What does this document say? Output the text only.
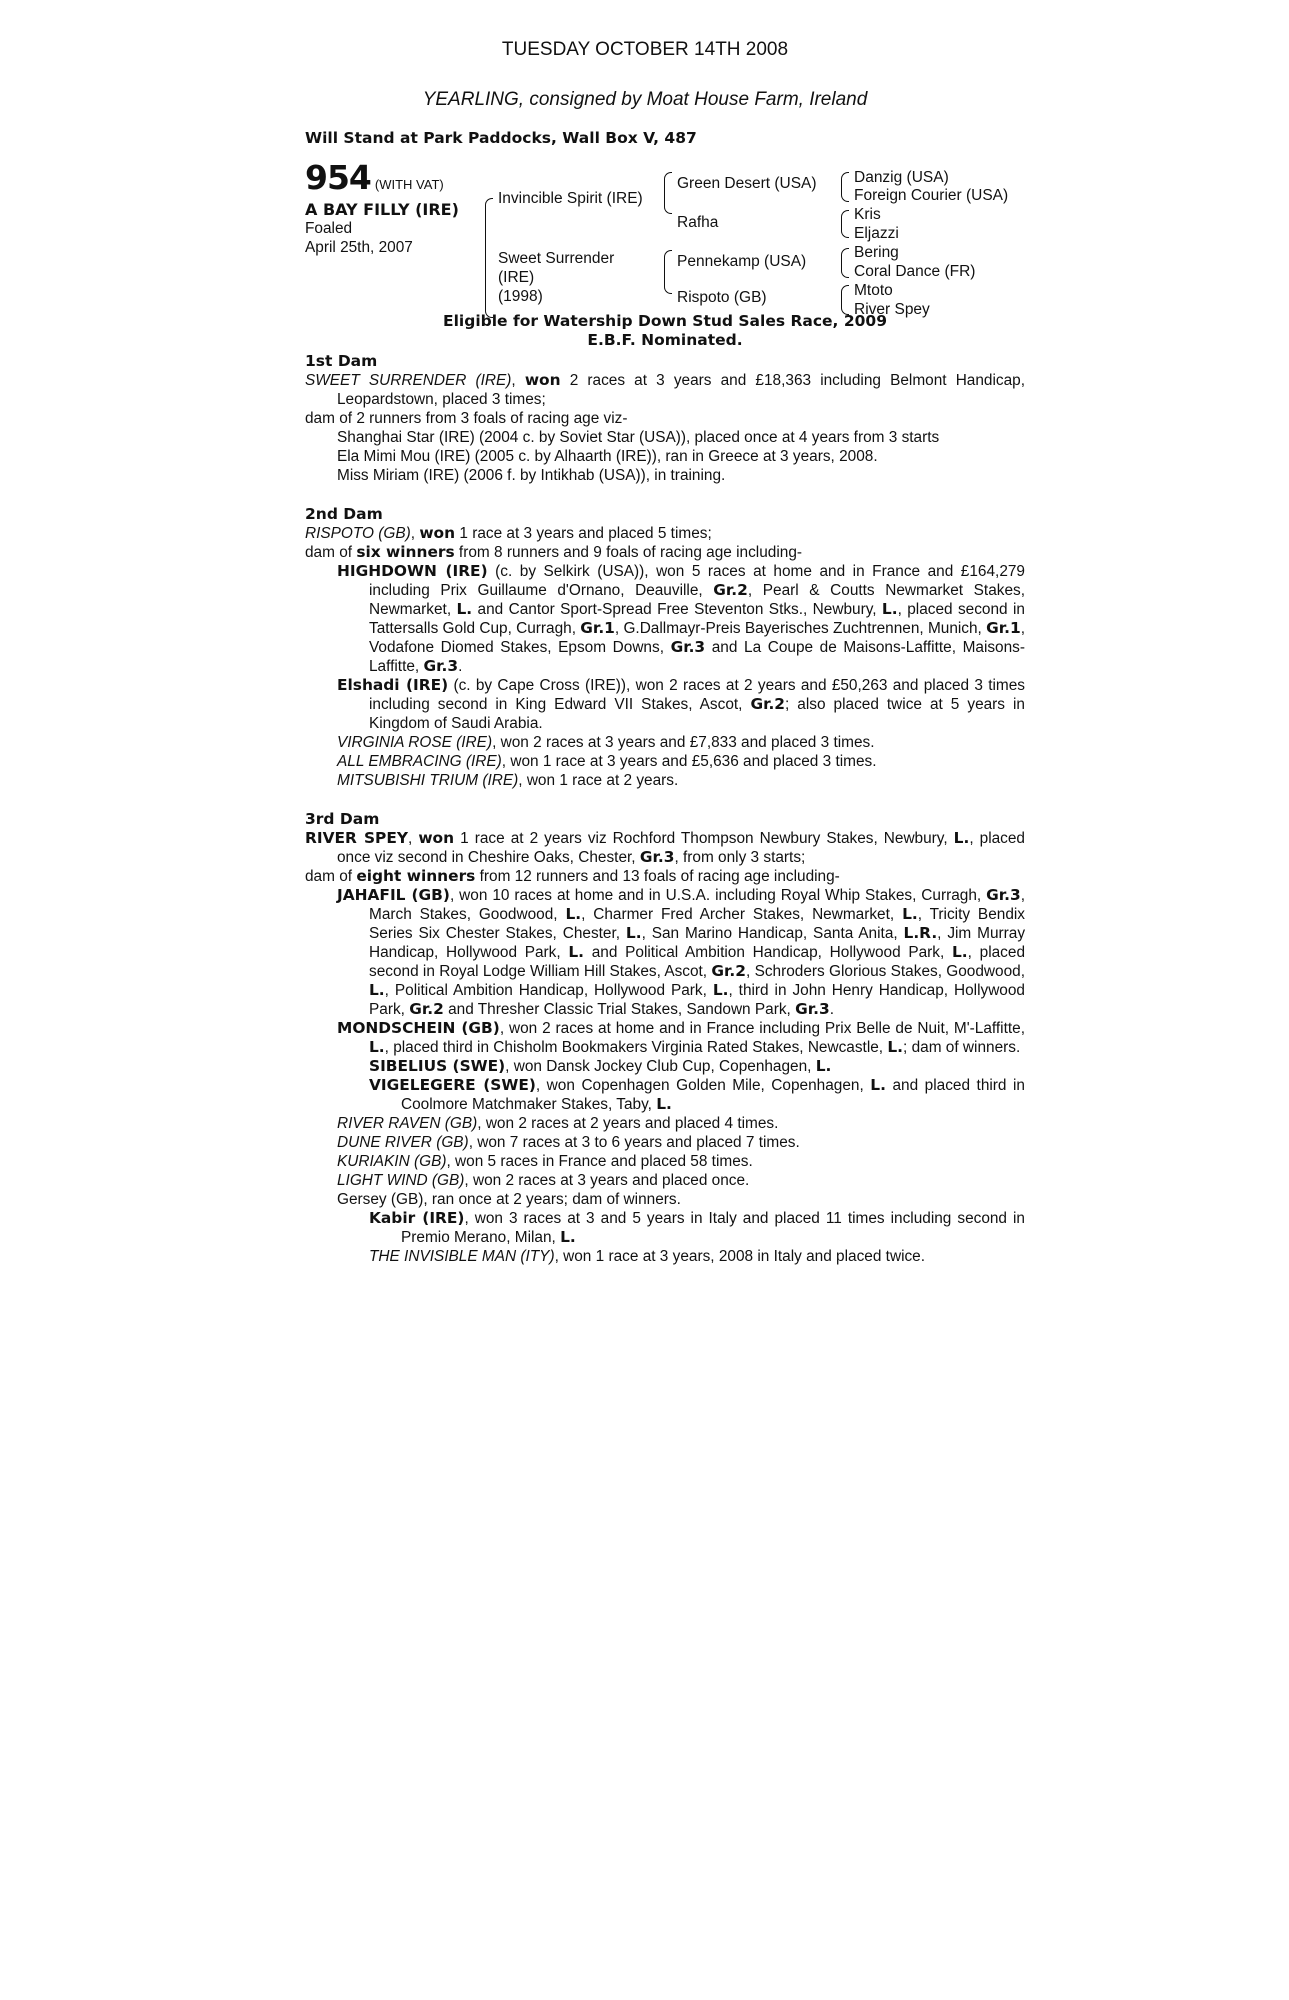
TUESDAY OCTOBER 14TH 2008
YEARLING, consigned by Moat House Farm, Ireland
Will Stand at Park Paddocks, Wall Box V, 487
954 (WITH VAT)
A BAY FILLY (IRE)
Foaled
April 25th, 2007
Invincible Spirit (IRE)
Sweet Surrender
(IRE)
(1998)
Green Desert (USA)
Rafha
Pennekamp (USA)
Rispoto (GB)
Danzig (USA)
Foreign Courier (USA)
Kris
Eljazzi
Bering
Coral Dance (FR)
Mtoto
River Spey
Eligible for Watership Down Stud Sales Race, 2009
E.B.F. Nominated.
1st Dam

SWEET SURRENDER (IRE), won 2 races at 3 years and £18,363 including Belmont Handicap, Leopardstown, placed 3 times;

dam of 2 runners from 3 foals of racing age viz-

Shanghai Star (IRE) (2004 c. by Soviet Star (USA)), placed once at 4 years from 3 starts

Ela Mimi Mou (IRE) (2005 c. by Alhaarth (IRE)), ran in Greece at 3 years, 2008.

Miss Miriam (IRE) (2006 f. by Intikhab (USA)), in training.

2nd Dam

RISPOTO (GB), won 1 race at 3 years and placed 5 times;

dam of six winners from 8 runners and 9 foals of racing age including-

HIGHDOWN (IRE) (c. by Selkirk (USA)), won 5 races at home and in France and £164,279 including Prix Guillaume d'Ornano, Deauville, Gr.2, Pearl & Coutts Newmarket Stakes, Newmarket, L. and Cantor Sport-Spread Free Steventon Stks., Newbury, L., placed second in Tattersalls Gold Cup, Curragh, Gr.1, G.Dallmayr-Preis Bayerisches Zuchtrennen, Munich, Gr.1, Vodafone Diomed Stakes, Epsom Downs, Gr.3 and La Coupe de Maisons-Laffitte, Maisons-Laffitte, Gr.3.

Elshadi (IRE) (c. by Cape Cross (IRE)), won 2 races at 2 years and £50,263 and placed 3 times including second in King Edward VII Stakes, Ascot, Gr.2; also placed twice at 5 years in Kingdom of Saudi Arabia.

VIRGINIA ROSE (IRE), won 2 races at 3 years and £7,833 and placed 3 times.

ALL EMBRACING (IRE), won 1 race at 3 years and £5,636 and placed 3 times.

MITSUBISHI TRIUM (IRE), won 1 race at 2 years.

3rd Dam

RIVER SPEY, won 1 race at 2 years viz Rochford Thompson Newbury Stakes, Newbury, L., placed once viz second in Cheshire Oaks, Chester, Gr.3, from only 3 starts;

dam of eight winners from 12 runners and 13 foals of racing age including-

JAHAFIL (GB), won 10 races at home and in U.S.A. including Royal Whip Stakes, Curragh, Gr.3, March Stakes, Goodwood, L., Charmer Fred Archer Stakes, Newmarket, L., Tricity Bendix Series Six Chester Stakes, Chester, L., San Marino Handicap, Santa Anita, L.R., Jim Murray Handicap, Hollywood Park, L. and Political Ambition Handicap, Hollywood Park, L., placed second in Royal Lodge William Hill Stakes, Ascot, Gr.2, Schroders Glorious Stakes, Goodwood, L., Political Ambition Handicap, Hollywood Park, L., third in John Henry Handicap, Hollywood Park, Gr.2 and Thresher Classic Trial Stakes, Sandown Park, Gr.3.

MONDSCHEIN (GB), won 2 races at home and in France including Prix Belle de Nuit, M'-Laffitte, L., placed third in Chisholm Bookmakers Virginia Rated Stakes, Newcastle, L.; dam of winners.

SIBELIUS (SWE), won Dansk Jockey Club Cup, Copenhagen, L.

VIGELEGERE (SWE), won Copenhagen Golden Mile, Copenhagen, L. and placed third in Coolmore Matchmaker Stakes, Taby, L.

RIVER RAVEN (GB), won 2 races at 2 years and placed 4 times.

DUNE RIVER (GB), won 7 races at 3 to 6 years and placed 7 times.

KURIAKIN (GB), won 5 races in France and placed 58 times.

LIGHT WIND (GB), won 2 races at 3 years and placed once.

Gersey (GB), ran once at 2 years; dam of winners.

Kabir (IRE), won 3 races at 3 and 5 years in Italy and placed 11 times including second in Premio Merano, Milan, L.

THE INVISIBLE MAN (ITY), won 1 race at 3 years, 2008 in Italy and placed twice.
